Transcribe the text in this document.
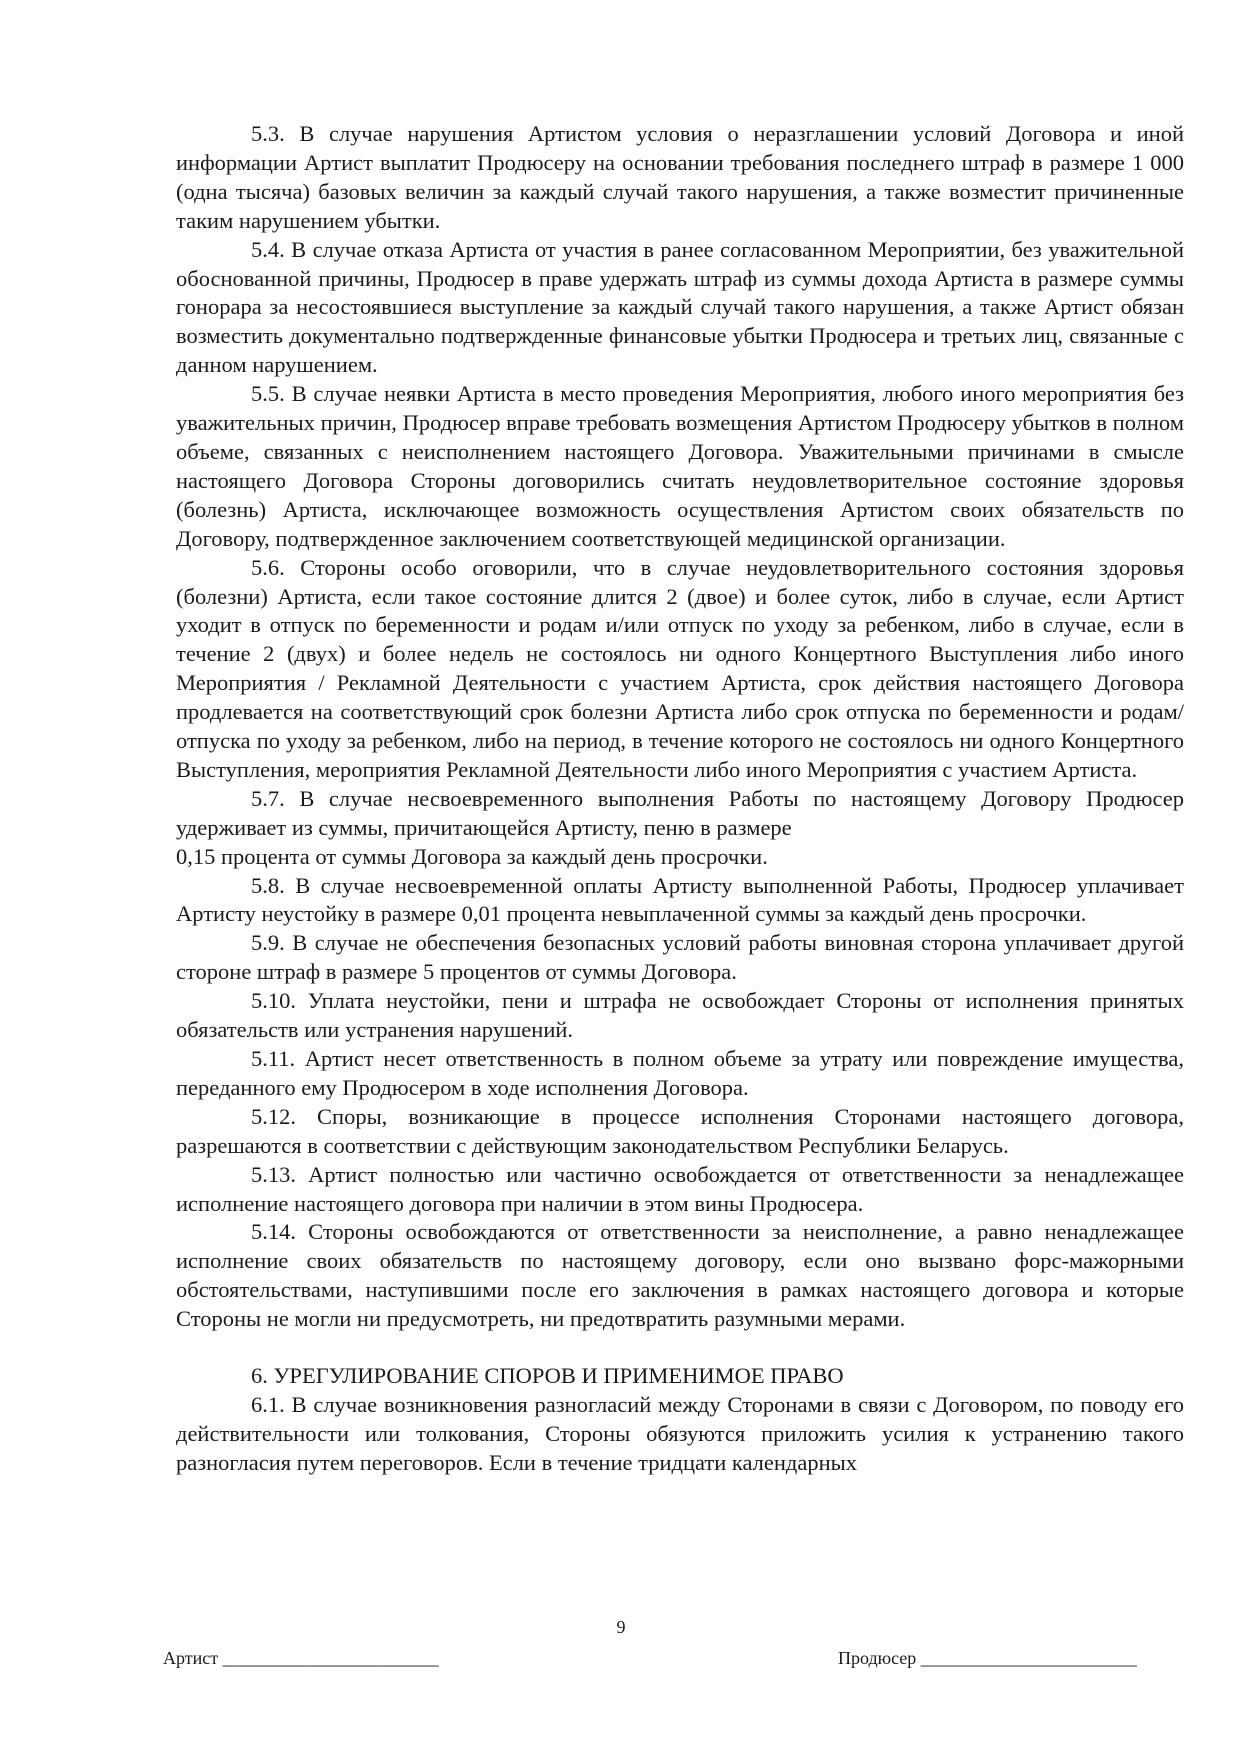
5.3. В случае нарушения Артистом условия о неразглашении условий Договора и иной информации Артист выплатит Продюсеру на основании требования последнего штраф в размере 1 000 (одна тысяча) базовых величин за каждый случай такого нарушения, а также возместит причиненные таким нарушением убытки.

5.4. В случае отказа Артиста от участия в ранее согласованном Мероприятии, без уважительной обоснованной причины, Продюсер в праве удержать штраф из суммы дохода Артиста в размере суммы гонорара за несостоявшиеся выступление за каждый случай такого нарушения, а также Артист обязан возместить документально подтвержденные финансовые убытки Продюсера и третьих лиц, связанные с данном нарушением.

5.5. В случае неявки Артиста в место проведения Мероприятия, любого иного мероприятия без уважительных причин, Продюсер вправе требовать возмещения Артистом Продюсеру убытков в полном объеме, связанных с неисполнением настоящего Договора. Уважительными причинами в смысле настоящего Договора Стороны договорились считать неудовлетворительное состояние здоровья (болезнь) Артиста, исключающее возможность осуществления Артистом своих обязательств по Договору, подтвержденное заключением соответствующей медицинской организации.

5.6. Стороны особо оговорили, что в случае неудовлетворительного состояния здоровья (болезни) Артиста, если такое состояние длится 2 (двое) и более суток, либо в случае, если Артист уходит в отпуск по беременности и родам и/или отпуск по уходу за ребенком, либо в случае, если в течение 2 (двух) и более недель не состоялось ни одного Концертного Выступления либо иного Мероприятия / Рекламной Деятельности с участием Артиста, срок действия настоящего Договора продлевается на соответствующий срок болезни Артиста либо срок отпуска по беременности и родам/ отпуска по уходу за ребенком, либо на период, в течение которого не состоялось ни одного Концертного Выступления, мероприятия Рекламной Деятельности либо иного Мероприятия с участием Артиста.

5.7. В случае несвоевременного выполнения Работы по настоящему Договору Продюсер удерживает из суммы, причитающейся Артисту, пеню в размере
0,15 процента от суммы Договора за каждый день просрочки.

5.8. В случае несвоевременной оплаты Артисту выполненной Работы, Продюсер уплачивает Артисту неустойку в размере 0,01 процента невыплаченной суммы за каждый день просрочки.

5.9. В случае не обеспечения безопасных условий работы виновная сторона уплачивает другой стороне штраф в размере 5 процентов от суммы Договора.

5.10. Уплата неустойки, пени и штрафа не освобождает Стороны от исполнения принятых обязательств или устранения нарушений.

5.11. Артист несет ответственность в полном объеме за утрату или повреждение имущества, переданного ему Продюсером в ходе исполнения Договора.

5.12. Споры, возникающие в процессе исполнения Сторонами настоящего договора, разрешаются в соответствии с действующим законодательством Республики Беларусь.

5.13. Артист полностью или частично освобождается от ответственности за ненадлежащее исполнение настоящего договора при наличии в этом вины Продюсера.

5.14. Стороны освобождаются от ответственности за неисполнение, а равно ненадлежащее исполнение своих обязательств по настоящему договору, если оно вызвано форс-мажорными обстоятельствами, наступившими после его заключения в рамках настоящего договора и которые Стороны не могли ни предусмотреть, ни предотвратить разумными мерами.

6. УРЕГУЛИРОВАНИЕ СПОРОВ И ПРИМЕНИМОЕ ПРАВО

6.1. В случае возникновения разногласий между Сторонами в связи с Договором, по поводу его действительности или толкования, Стороны обязуются приложить усилия к устранению такого разногласия путем переговоров. Если в течение тридцати календарных

9
Артист ________________________	Продюсер ________________________
